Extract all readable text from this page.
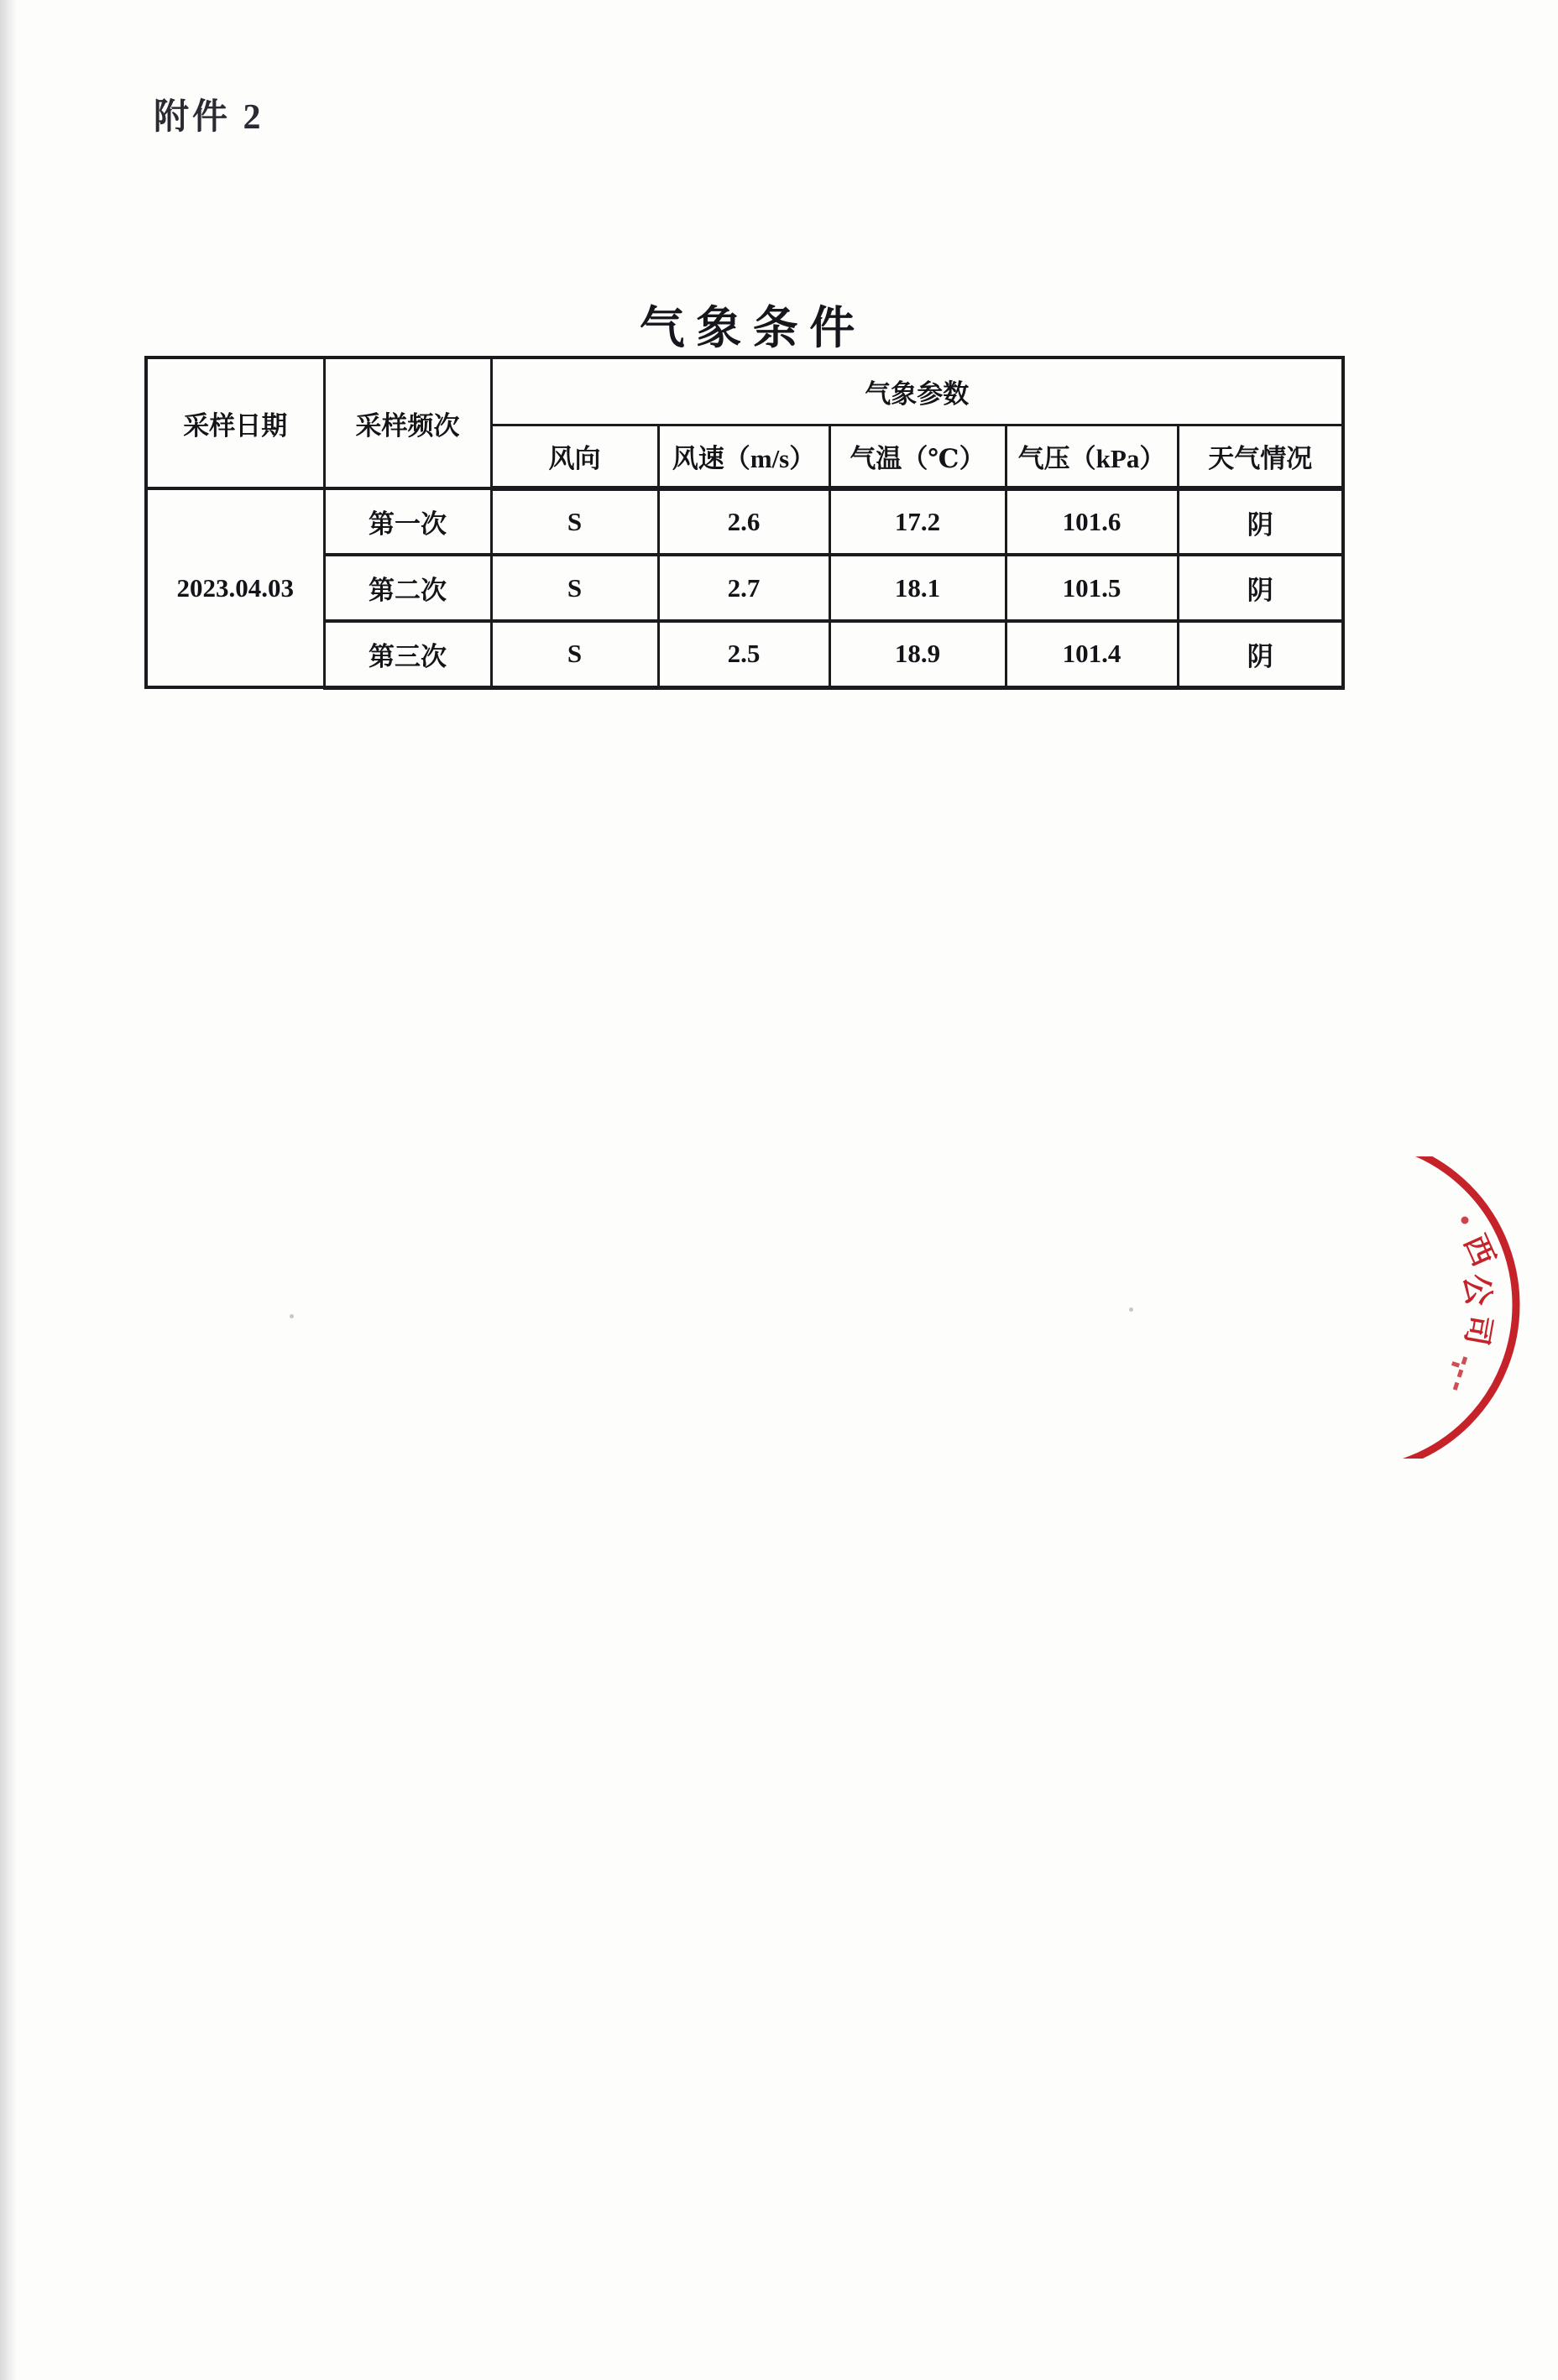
附件 2
气 象 条 件
采样日期	采样频次	气象参数				
		风向	风速（m/s）	气温（℃）	气压（kPa）	天气情况
2023.04.03	第一次	S	2.6	17.2	101.6	阴
	第二次	S	2.7	18.1	101.5	阴
	第三次	S	2.5	18.9	101.4	阴
西
公
司
